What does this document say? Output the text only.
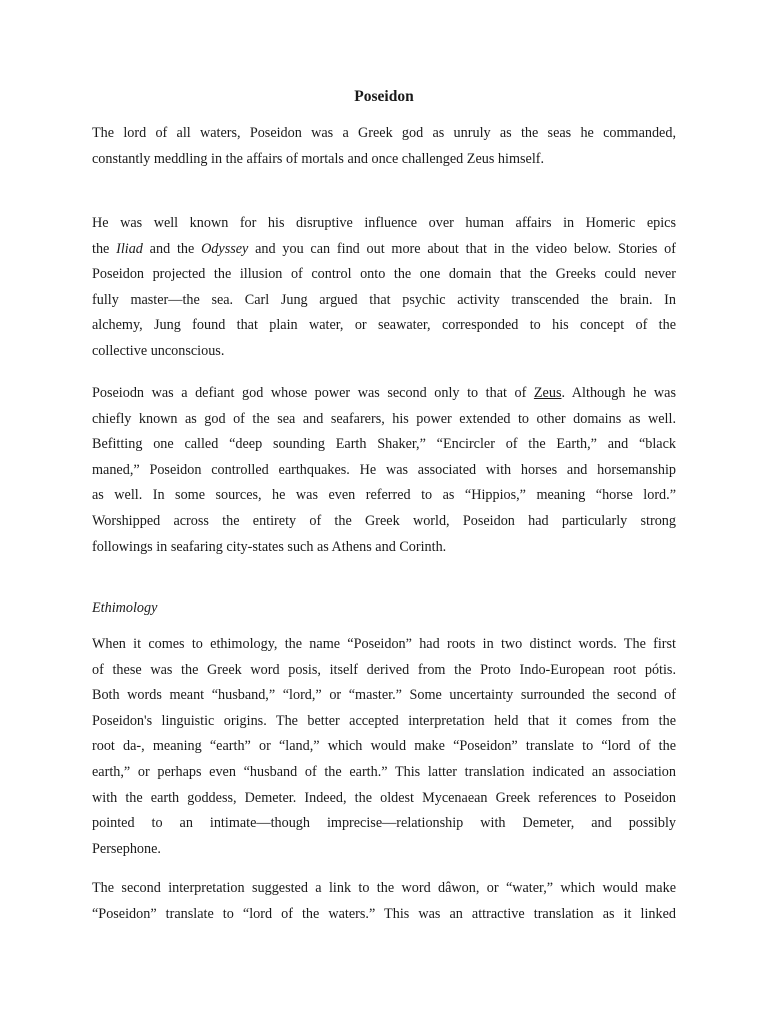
Poseidon

The lord of all waters, Poseidon was a Greek god as unruly as the seas he commanded,
constantly meddling in the affairs of mortals and once challenged Zeus himself.

He was well known for his disruptive influence over human affairs in Homeric epics
the Iliad and the Odyssey and you can find out more about that in the video below. Stories of
Poseidon projected the illusion of control onto the one domain that the Greeks could never
fully master—the sea. Carl Jung argued that psychic activity transcended the brain. In
alchemy, Jung found that plain water, or seawater, corresponded to his concept of the
collective unconscious.

Poseiodn was a defiant god whose power was second only to that of Zeus. Although he was
chiefly known as god of the sea and seafarers, his power extended to other domains as well.
Befitting one called “deep sounding Earth Shaker,” “Encircler of the Earth,” and “black
maned,” Poseidon controlled earthquakes. He was associated with horses and horsemanship
as well. In some sources, he was even referred to as “Hippios,” meaning “horse lord.”
Worshipped across the entirety of the Greek world, Poseidon had particularly strong
followings in seafaring city-states such as Athens and Corinth.

Ethimology

When it comes to ethimology, the name “Poseidon” had roots in two distinct words. The first
of these was the Greek word posis, itself derived from the Proto Indo-European root pótis.
Both words meant “husband,” “lord,” or “master.” Some uncertainty surrounded the second of
Poseidon's linguistic origins. The better accepted interpretation held that it comes from the
root da-, meaning “earth” or “land,” which would make “Poseidon” translate to “lord of the
earth,” or perhaps even “husband of the earth.” This latter translation indicated an association
with the earth goddess, Demeter. Indeed, the oldest Mycenaean Greek references to Poseidon
pointed to an intimate—though imprecise—relationship with Demeter, and possibly
Persephone.

The second interpretation suggested a link to the word dâwon, or “water,” which would make
“Poseidon” translate to “lord of the waters.” This was an attractive translation as it linked
